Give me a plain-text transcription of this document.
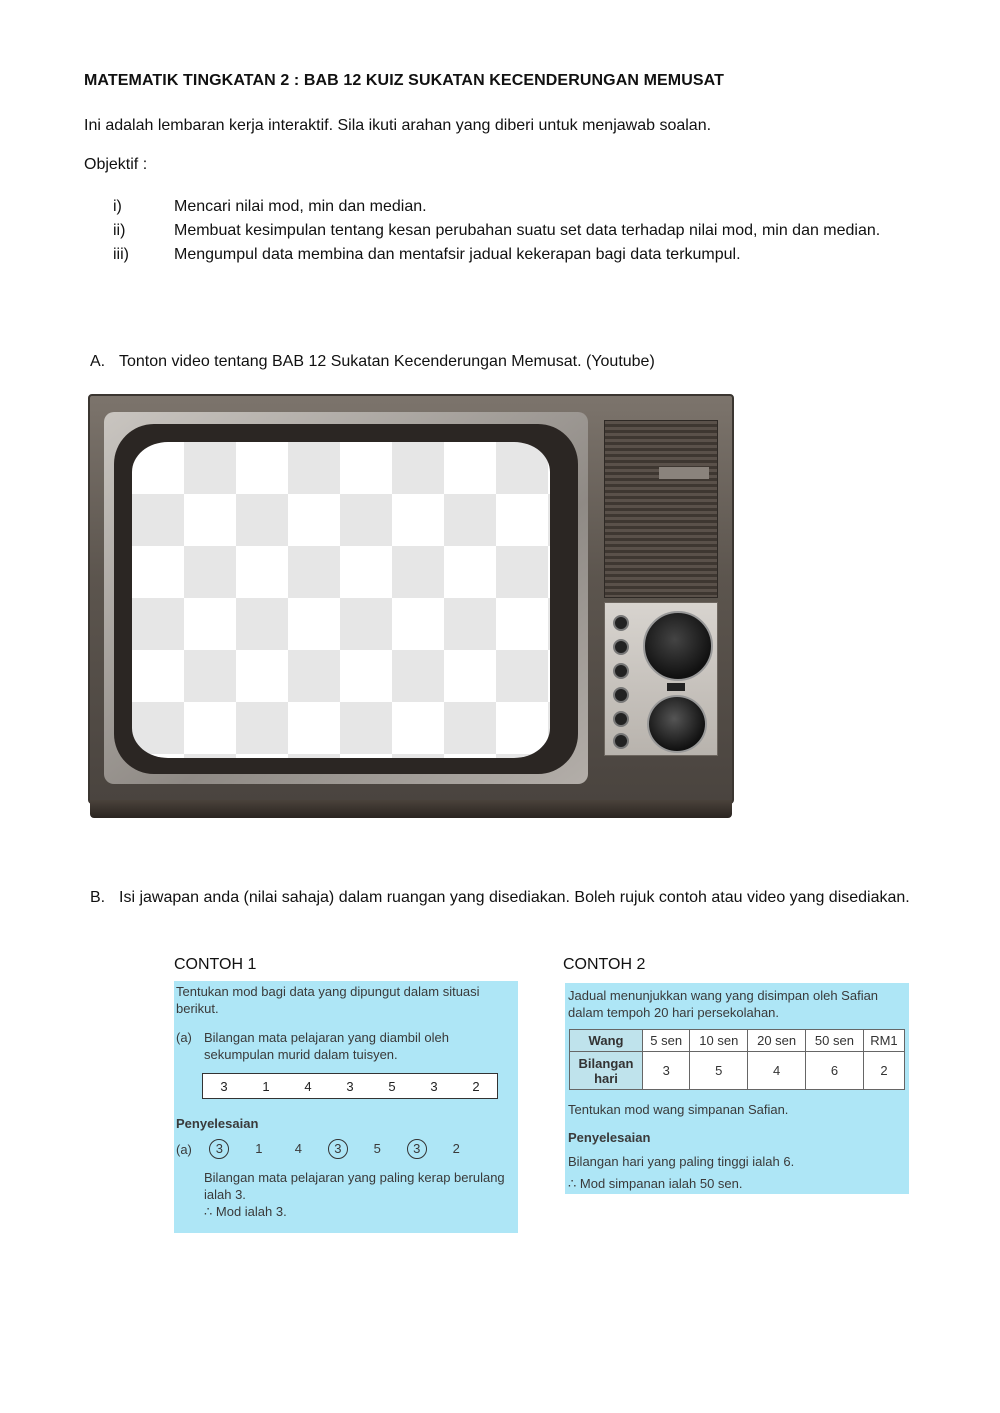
MATEMATIK TINGKATAN 2 : BAB 12 KUIZ SUKATAN KECENDERUNGAN MEMUSAT
Ini adalah lembaran kerja interaktif. Sila ikuti arahan yang diberi untuk menjawab soalan.
Objektif :
i)	Mencari nilai mod, min dan median.
ii)	Membuat kesimpulan tentang kesan perubahan suatu set data terhadap nilai mod, min dan median.
iii)	Mengumpul data membina dan mentafsir jadual kekerapan bagi data terkumpul.
A. Tonton video tentang BAB 12 Sukatan Kecenderungan Memusat. (Youtube)
B. Isi jawapan anda (nilai sahaja) dalam ruangan yang disediakan. Boleh rujuk contoh atau video yang disediakan.
CONTOH 1	CONTOH 2
Tentukan mod bagi data yang dipungut dalam situasi berikut.
(a) Bilangan mata pelajaran yang diambil oleh sekumpulan murid dalam tuisyen.
3	1	4	3	5	3	2
Penyelesaian
(a)	3	1	4	3	5	3	2
Bilangan mata pelajaran yang paling kerap berulang ialah 3.
∴ Mod ialah 3.
Jadual menunjukkan wang yang disimpan oleh Safian dalam tempoh 20 hari persekolahan.
Wang	5 sen	10 sen	20 sen	50 sen	RM1
Bilangan hari	3	5	4	6	2
Tentukan mod wang simpanan Safian.
Penyelesaian
Bilangan hari yang paling tinggi ialah 6.
∴ Mod simpanan ialah 50 sen.
